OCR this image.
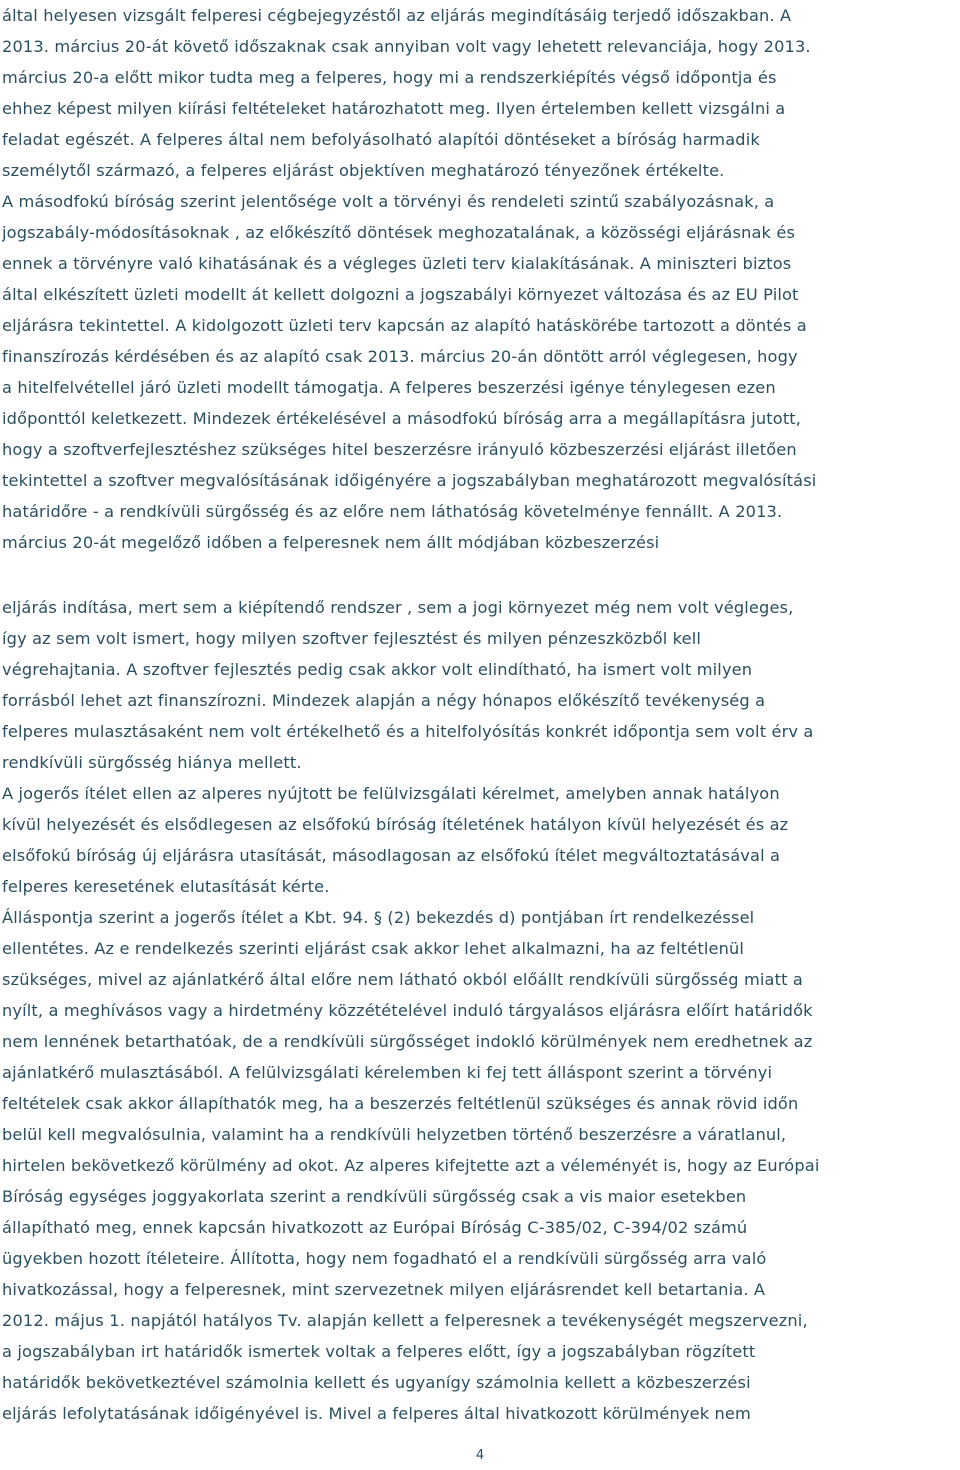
által helyesen vizsgált felperesi cégbejegyzéstől az eljárás megindításáig terjedő időszakban. A
2013. március 20-át követő időszaknak csak annyiban volt vagy lehetett relevanciája, hogy 2013.
március 20-a előtt mikor tudta meg a felperes, hogy mi a rendszerkiépítés végső időpontja és
ehhez képest milyen kiírási feltételeket határozhatott meg. Ilyen értelemben kellett vizsgálni a
feladat egészét. A felperes által nem befolyásolható alapítói döntéseket a bíróság harmadik
személytől származó, a felperes eljárást objektíven meghatározó tényezőnek értékelte.
A másodfokú bíróság szerint jelentősége volt a törvényi és rendeleti szintű szabályozásnak, a
jogszabály-módosításoknak , az előkészítő döntések meghozatalának, a közösségi eljárásnak és
ennek a törvényre való kihatásának és a végleges üzleti terv kialakításának. A miniszteri biztos
által elkészített üzleti modellt át kellett dolgozni a jogszabályi környezet változása és az EU Pilot
eljárásra tekintettel. A kidolgozott üzleti terv kapcsán az alapító hatáskörébe tartozott a döntés a
finanszírozás kérdésében és az alapító csak 2013. március 20-án döntött arról véglegesen, hogy
a hitelfelvétellel járó üzleti modellt támogatja. A felperes beszerzési igénye ténylegesen ezen
időponttól keletkezett. Mindezek értékelésével a másodfokú bíróság arra a megállapításra jutott,
hogy a szoftverfejlesztéshez szükséges hitel beszerzésre irányuló közbeszerzési eljárást illetően
tekintettel a szoftver megvalósításának időigényére a jogszabályban meghatározott megvalósítási
határidőre - a rendkívüli sürgősség és az előre nem láthatóság követelménye fennállt. A 2013.
március 20-át megelőző időben a felperesnek nem állt módjában közbeszerzési
eljárás indítása, mert sem a kiépítendő rendszer , sem a jogi környezet még nem volt végleges,
így az sem volt ismert, hogy milyen szoftver fejlesztést és milyen pénzeszközből kell
végrehajtania. A szoftver fejlesztés pedig csak akkor volt elindítható, ha ismert volt milyen
forrásból lehet azt finanszírozni. Mindezek alapján a négy hónapos előkészítő tevékenység a
felperes mulasztásaként nem volt értékelhető és a hitelfolyósítás konkrét időpontja sem volt érv a
rendkívüli sürgősség hiánya mellett.
A jogerős ítélet ellen az alperes nyújtott be felülvizsgálati kérelmet, amelyben annak hatályon
kívül helyezését és elsődlegesen az elsőfokú bíróság ítéletének hatályon kívül helyezését és az
elsőfokú bíróság új eljárásra utasítását, másodlagosan az elsőfokú ítélet megváltoztatásával a
felperes keresetének elutasítását kérte.
Álláspontja szerint a jogerős ítélet a Kbt. 94. § (2) bekezdés d) pontjában írt rendelkezéssel
ellentétes. Az e rendelkezés szerinti eljárást csak akkor lehet alkalmazni, ha az feltétlenül
szükséges, mivel az ajánlatkérő által előre nem látható okból előállt rendkívüli sürgősség miatt a
nyílt, a meghívásos vagy a hirdetmény közzétételével induló tárgyalásos eljárásra előírt határidők
nem lennének betarthatóak, de a rendkívüli sürgősséget indokló körülmények nem eredhetnek az
ajánlatkérő mulasztásából. A felülvizsgálati kérelemben ki fej tett álláspont szerint a törvényi
feltételek csak akkor állapíthatók meg, ha a beszerzés feltétlenül szükséges és annak rövid időn
belül kell megvalósulnia, valamint ha a rendkívüli helyzetben történő beszerzésre a váratlanul,
hirtelen bekövetkező körülmény ad okot. Az alperes kifejtette azt a véleményét is, hogy az Európai
Bíróság egységes joggyakorlata szerint a rendkívüli sürgősség csak a vis maior esetekben
állapítható meg, ennek kapcsán hivatkozott az Európai Bíróság C-385/02, C-394/02 számú
ügyekben hozott ítéleteire. Állította, hogy nem fogadható el a rendkívüli sürgősség arra való
hivatkozással, hogy a felperesnek, mint szervezetnek milyen eljárásrendet kell betartania. A
2012. május 1. napjától hatályos Tv. alapján kellett a felperesnek a tevékenységét megszervezni,
a jogszabályban irt határidők ismertek voltak a felperes előtt, így a jogszabályban rögzített
határidők bekövetkeztével számolnia kellett és ugyanígy számolnia kellett a közbeszerzési
eljárás lefolytatásának időigényével is. Mivel a felperes által hivatkozott körülmények nem
4
